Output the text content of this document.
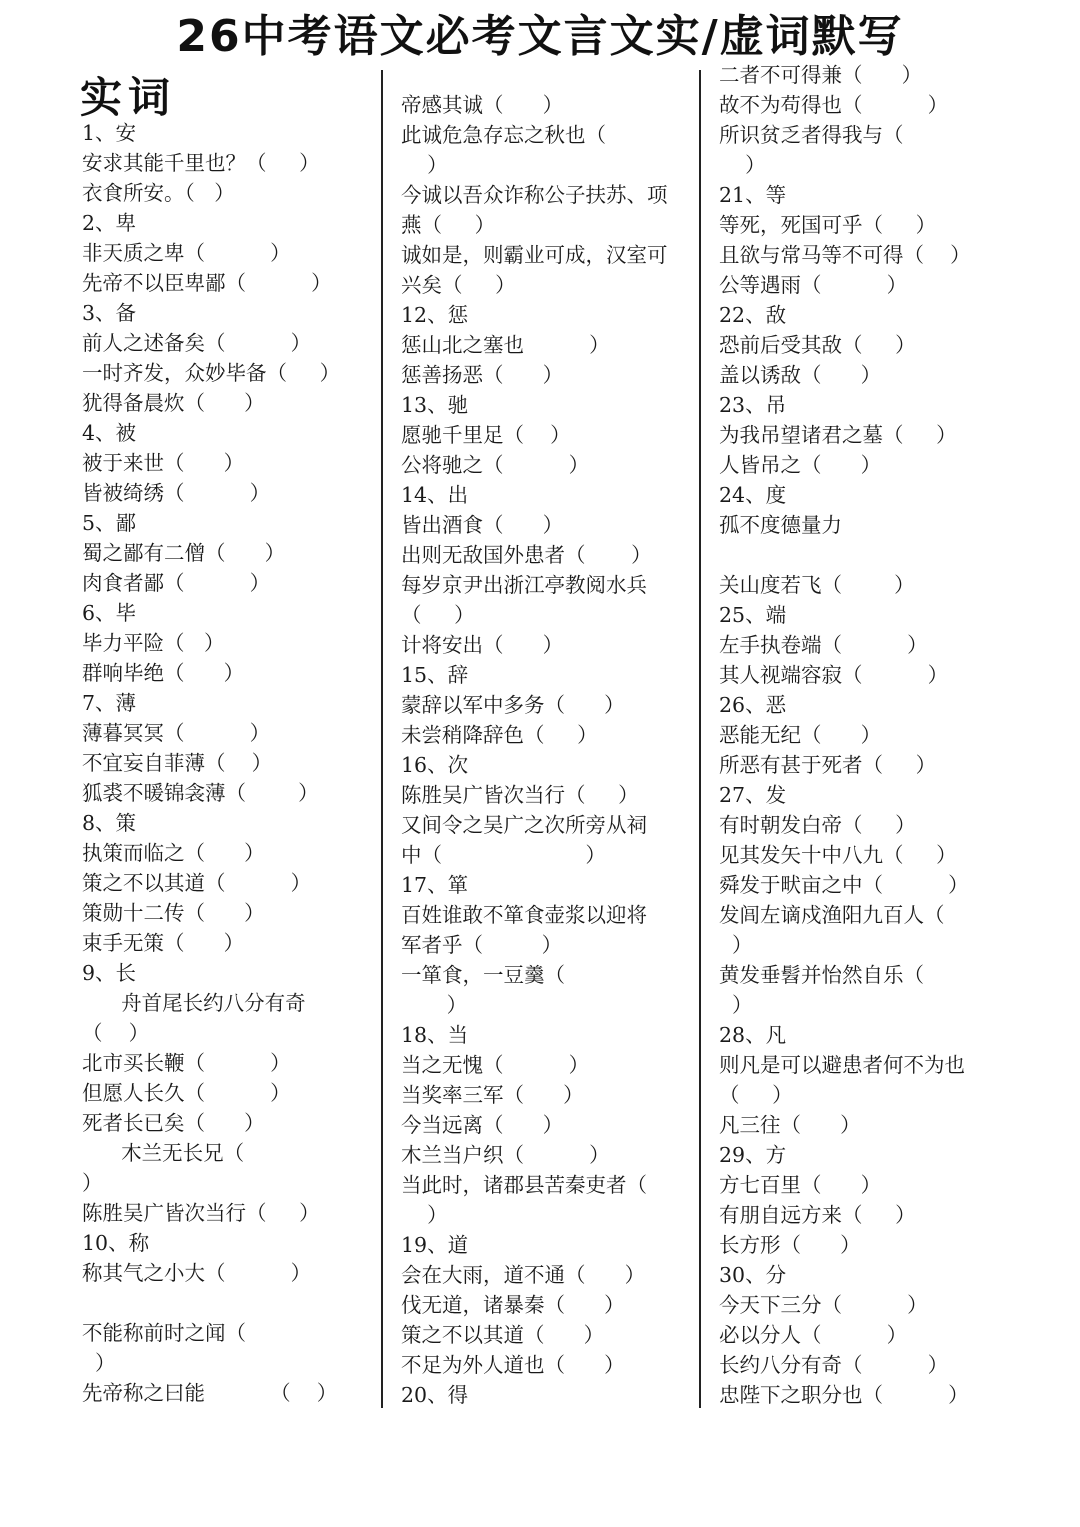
26中考语文必考文言文实/虚词默写
实词
1、安
安求其能千里也？（     ）
衣食所安。（   ）
2、卑
非天质之卑（          ）
先帝不以臣卑鄙（          ）
3、备
前人之述备矣（          ）
一时齐发，众妙毕备（     ）
犹得备晨炊（      ）
4、被
被于来世（      ）
皆被绮绣（          ）
5、鄙
蜀之鄙有二僧（      ）
肉食者鄙（          ）
6、毕
毕力平险（   ）
群响毕绝（      ）
7、薄
薄暮冥冥（          ）
不宜妄自菲薄（    ）
狐裘不暖锦衾薄（        ）
8、策
执策而临之（      ）
策之不以其道（          ）
策勋十二传（      ）
束手无策（      ）
9、长
舟首尾长约八分有奇
（    ）
北市买长鞭（          ）
但愿人长久（          ）
死者长已矣（      ）
木兰无长兄（
）
陈胜吴广皆次当行（     ）
10、称
称其气之小大（          ）
不能称前时之闻（
）
先帝称之曰能          （    ）
帝感其诚（      ）
此诚危急存忘之秋也（
）
今诚以吾众诈称公子扶苏、项
燕（     ）
诚如是，则霸业可成，汉室可
兴矣（     ）
12、惩
惩山北之塞也          ）
惩善扬恶（      ）
13、驰
愿驰千里足（    ）
公将驰之（          ）
14、出
皆出酒食（      ）
出则无敌国外患者（       ）
每岁京尹出浙江亭教阅水兵
（     ）
计将安出（      ）
15、辞
蒙辞以军中多务（      ）
未尝稍降辞色（     ）
16、次
陈胜吴广皆次当行（     ）
又间令之吴广之次所旁从祠
中（                      ）
17、箪
百姓谁敢不箪食壶浆以迎将
军者乎（         ）
一箪食，一豆羹（
）
18、当
当之无愧（          ）
当奖率三军（      ）
今当远离（      ）
木兰当户织（          ）
当此时，诸郡县苦秦吏者（
）
19、道
会在大雨，道不通（      ）
伐无道，诸暴秦（      ）
策之不以其道（      ）
不足为外人道也（      ）
20、得
二者不可得兼（      ）
故不为苟得也（          ）
所识贫乏者得我与（
）
21、等
等死，死国可乎（     ）
且欲与常马等不可得（    ）
公等遇雨（          ）
22、敌
恐前后受其敌（     ）
盖以诱敌（      ）
23、吊
为我吊望诸君之墓（     ）
人皆吊之（      ）
24、度
孤不度德量力
关山度若飞（        ）
25、端
左手执卷端（          ）
其人视端容寂（          ）
26、恶
恶能无纪（      ）
所恶有甚于死者（     ）
27、发
有时朝发白帝（     ）
见其发矢十中八九（     ）
舜发于畎亩之中（          ）
发闾左谪戍渔阳九百人（
）
黄发垂髫并怡然自乐（
）
28、凡
则凡是可以避患者何不为也
（     ）
凡三往（      ）
29、方
方七百里（      ）
有朋自远方来（     ）
长方形（      ）
30、分
今天下三分（          ）
必以分人（          ）
长约八分有奇（          ）
忠陛下之职分也（          ）
